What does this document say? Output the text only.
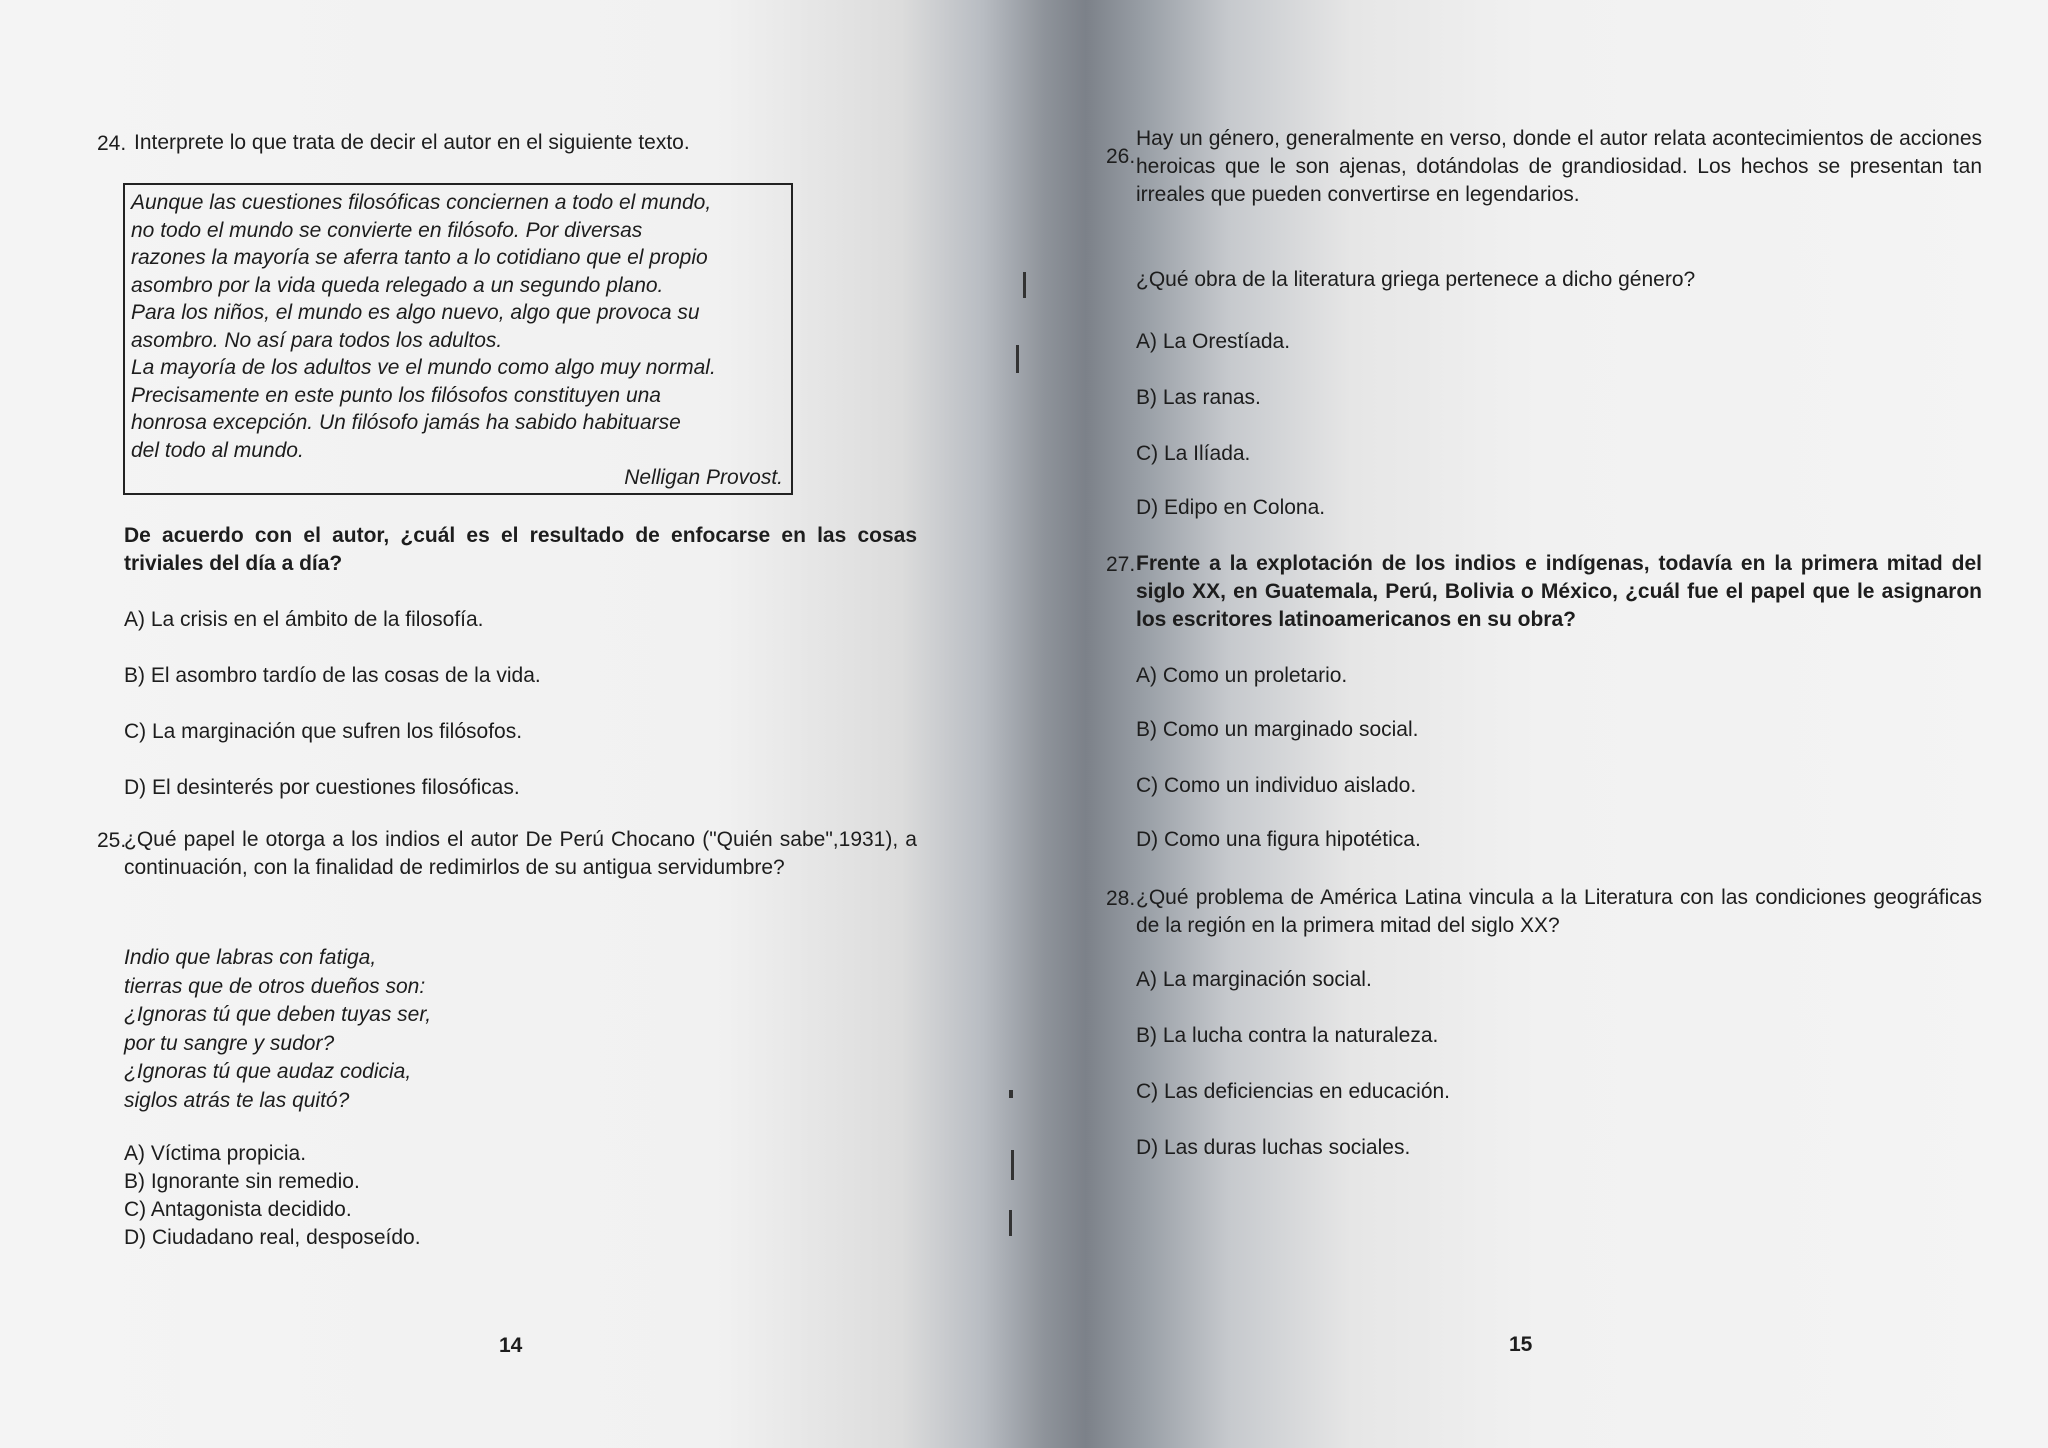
24. Interprete lo que trata de decir el autor en el siguiente texto.
Aunque las cuestiones filosóficas conciernen a todo el mundo,
no todo el mundo se convierte en filósofo. Por diversas
razones la mayoría se aferra tanto a lo cotidiano que el propio
asombro por la vida queda relegado a un segundo plano.
Para los niños, el mundo es algo nuevo, algo que provoca su
asombro. No así para todos los adultos.
La mayoría de los adultos ve el mundo como algo muy normal.
Precisamente en este punto los filósofos constituyen una
honrosa excepción. Un filósofo jamás ha sabido habituarse
del todo al mundo.
Nelligan Provost.
De acuerdo con el autor, ¿cuál es el resultado de enfocarse en las cosas triviales del día a día?
A) La crisis en el ámbito de la filosofía.
B) El asombro tardío de las cosas de la vida.
C) La marginación que sufren los filósofos.
D) El desinterés por cuestiones filosóficas.
25.
¿Qué papel le otorga a los indios el autor De Perú Chocano ("Quién sabe",1931), a continuación, con la finalidad de redimirlos de su antigua servidumbre?
Indio que labras con fatiga,
tierras que de otros dueños son:
¿Ignoras tú que deben tuyas ser,
por tu sangre y sudor?
¿Ignoras tú que audaz codicia,
siglos atrás te las quitó?
A) Víctima propicia.
B) Ignorante sin remedio.
C) Antagonista decidido.
D) Ciudadano real, desposeído.
14
26.
Hay un género, generalmente en verso, donde el autor relata acontecimientos de acciones heroicas que le son ajenas, dotándolas de grandiosidad. Los hechos se presentan tan irreales que pueden convertirse en legendarios.
¿Qué obra de la literatura griega pertenece a dicho género?
A) La Orestíada.
B) Las ranas.
C) La Ilíada.
D) Edipo en Colona.
27. Frente a la explotación de los indios e indígenas, todavía en la primera mitad del siglo XX, en Guatemala, Perú, Bolivia o México, ¿cuál fue el papel que le asignaron los escritores latinoamericanos en su obra?
A) Como un proletario.
B) Como un marginado social.
C) Como un individuo aislado.
D) Como una figura hipotética.
28. ¿Qué problema de América Latina vincula a la Literatura con las condiciones geográficas de la región en la primera mitad del siglo XX?
A) La marginación social.
B) La lucha contra la naturaleza.
C) Las deficiencias en educación.
D) Las duras luchas sociales.
15
